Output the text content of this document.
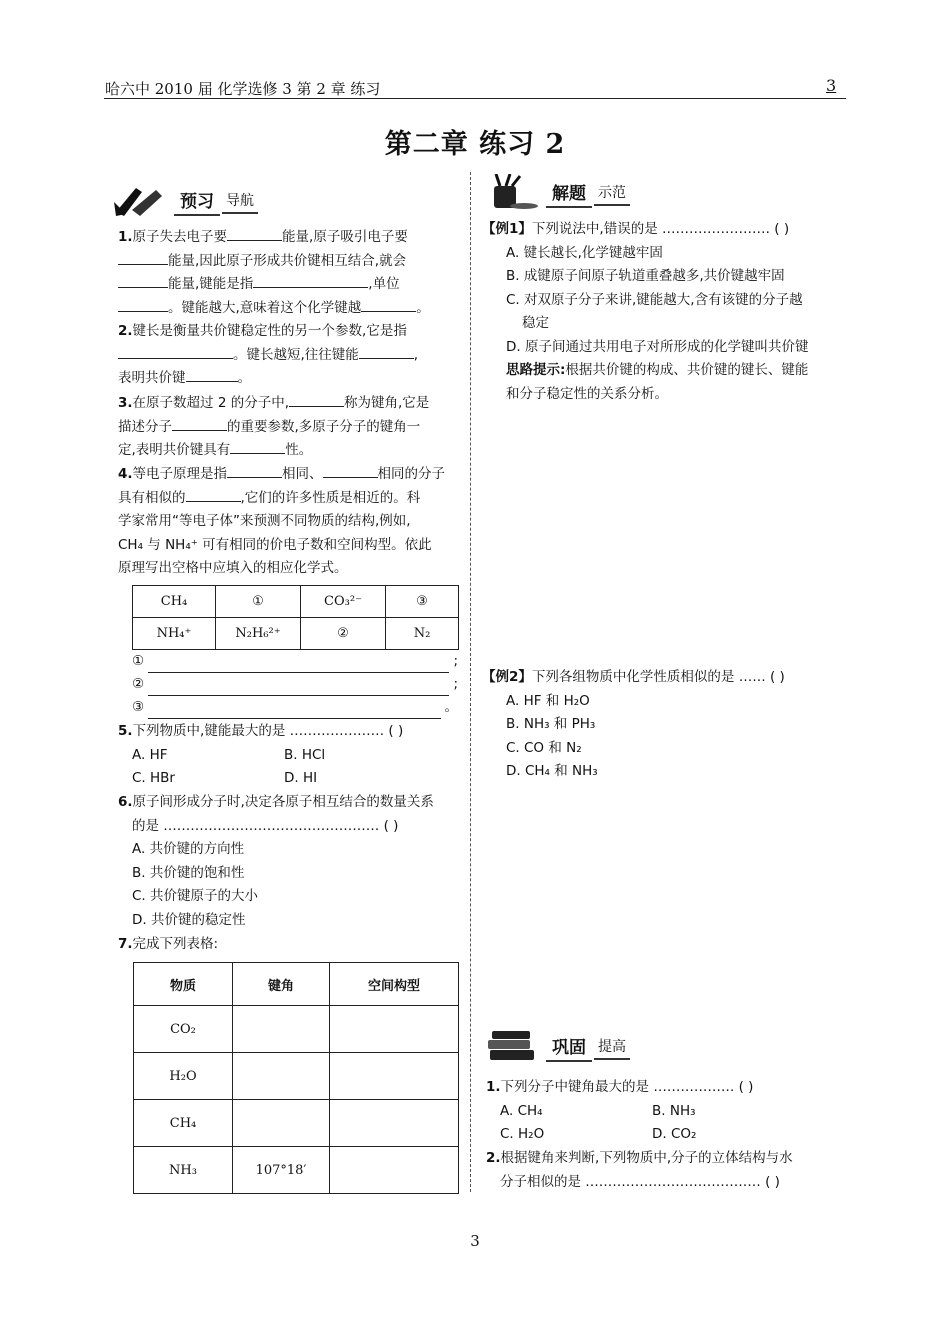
哈六中 2010 届 化学选修 3 第 2 章 练习	3
第二章 练习 2
预习 导航	解题 示范
1.原子失去电子要	能量,原子吸引电子要
能量,因此原子形成共价键相互结合,就会
能量,键能是指	,单位
。键能越大,意味着这个化学键越	。
2.键长是衡量共价键稳定性的另一个参数,它是指
。键长越短,往往键能	,
表明共价键	。
3.在原子数超过 2 的分子中,	称为键角,它是
描述分子	的重要参数,多原子分子的键角一
定,表明共价键具有	性。
4.等电子原理是指	相同、	相同的分子
具有相似的	,它们的许多性质是相近的。科
学家常用“等电子体”来预测不同物质的结构,例如,
CH₄ 与 NH₄⁺ 可有相同的价电子数和空间构型。依此
原理写出空格中应填入的相应化学式。
CH₄	①	CO₃²⁻	③
NH₄⁺	N₂H₆²⁺	②	N₂
①	;
②	;
③	。
5.下列物质中,键能最大的是 ………………… ( )
A. HF	B. HCl
C. HBr	D. HI
6.原子间形成分子时,决定各原子相互结合的数量关系
的是 ………………………………………… ( )
A. 共价键的方向性
B. 共价键的饱和性
C. 共价键原子的大小
D. 共价键的稳定性
7.完成下列表格:
物质	键角	空间构型
CO₂		
H₂O		
CH₄		
NH₃	107°18′	
【例1】下列说法中,错误的是 …………………… ( )
A. 键长越长,化学键越牢固
B. 成键原子间原子轨道重叠越多,共价键越牢固
C. 对双原子分子来讲,键能越大,含有该键的分子越
稳定
D. 原子间通过共用电子对所形成的化学键叫共价键
思路提示:根据共价键的构成、共价键的键长、键能
和分子稳定性的关系分析。
【例2】下列各组物质中化学性质相似的是 …… ( )
A. HF 和 H₂O
B. NH₃ 和 PH₃
C. CO 和 N₂
D. CH₄ 和 NH₃
巩固 提高
1.下列分子中键角最大的是 ……………… ( )
A. CH₄	B. NH₃
C. H₂O	D. CO₂
2.根据键角来判断,下列物质中,分子的立体结构与水
分子相似的是 ………………………………… ( )
3
